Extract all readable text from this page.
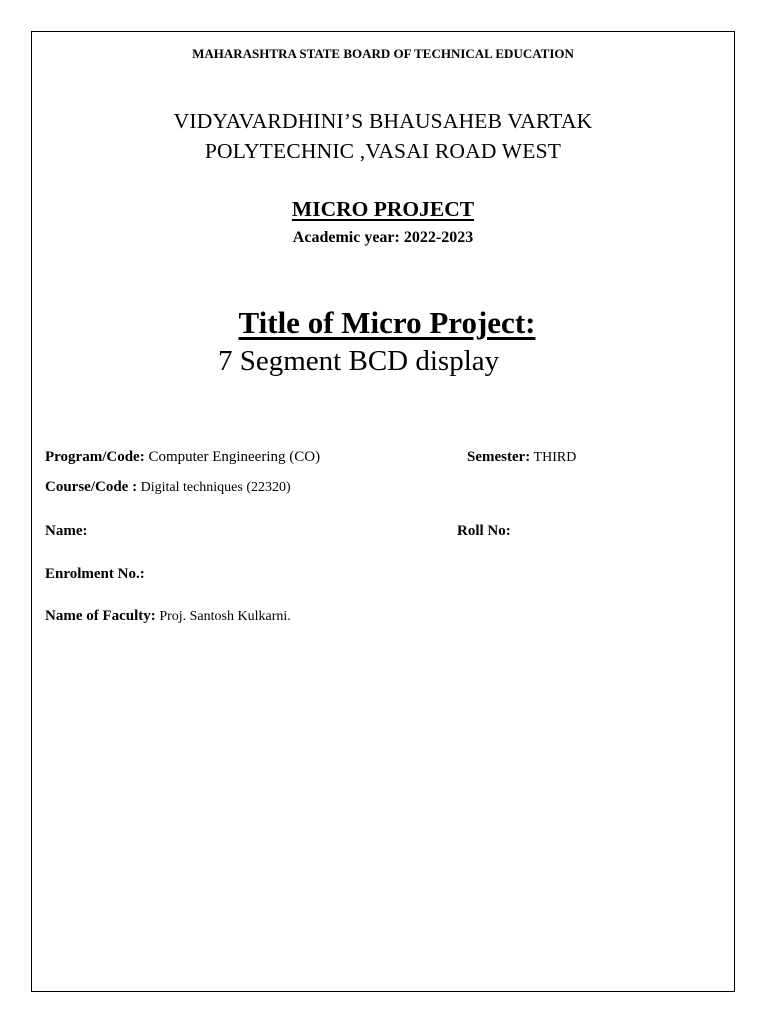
MAHARASHTRA STATE BOARD OF TECHNICAL EDUCATION
VIDYAVARDHINI’S BHAUSAHEB VARTAK
POLYTECHNIC ,VASAI ROAD WEST
MICRO PROJECT
Academic year: 2022-2023
Title of Micro Project:
7 Segment BCD display
Program/Code: Computer Engineering (CO)	Semester: THIRD
Course/Code : Digital techniques (22320)
Name:	Roll No:
Enrolment No.:
Name of Faculty: Proj. Santosh Kulkarni.
